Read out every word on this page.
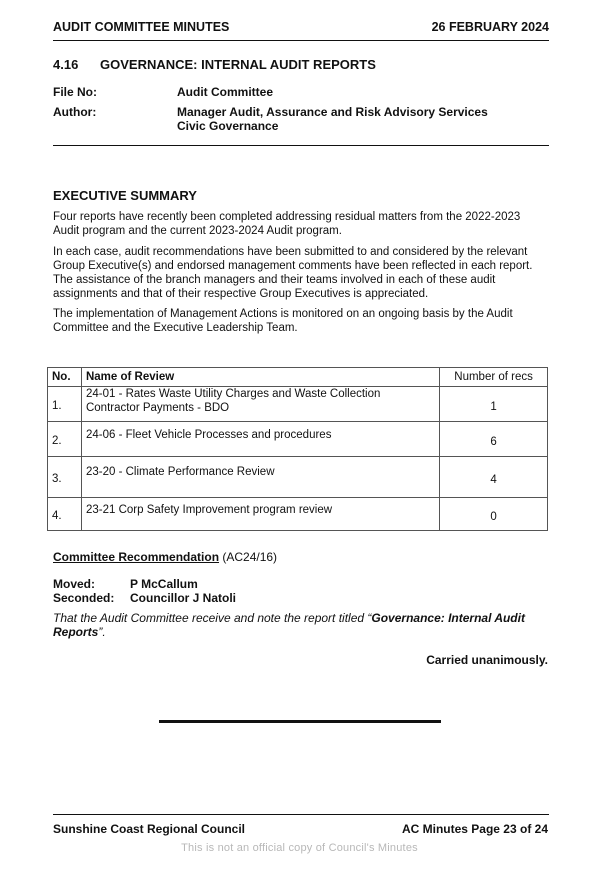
AUDIT COMMITTEE MINUTES	26 FEBRUARY 2024
4.16 GOVERNANCE: INTERNAL AUDIT REPORTS
File No:	Audit Committee
Author:	Manager Audit, Assurance and Risk Advisory Services
Civic Governance
EXECUTIVE SUMMARY
Four reports have recently been completed addressing residual matters from the 2022-2023 Audit program and the current 2023-2024 Audit program.
In each case, audit recommendations have been submitted to and considered by the relevant Group Executive(s) and endorsed management comments have been reflected in each report. The assistance of the branch managers and their teams involved in each of these audit assignments and that of their respective Group Executives is appreciated.
The implementation of Management Actions is monitored on an ongoing basis by the Audit Committee and the Executive Leadership Team.
No.	Name of Review	Number of recs
1.	24-01 - Rates Waste Utility Charges and Waste Collection Contractor Payments - BDO	1
2.	24-06 - Fleet Vehicle Processes and procedures	6
3.	23-20 - Climate Performance Review	4
4.	23-21 Corp Safety Improvement program review	0
Committee Recommendation (AC24/16)
Moved:	P McCallum
Seconded: Councillor J Natoli
That the Audit Committee receive and note the report titled “Governance: Internal Audit Reports”.
Carried unanimously.
Sunshine Coast Regional Council	AC Minutes Page 23 of 24
This is not an official copy of Council's Minutes
